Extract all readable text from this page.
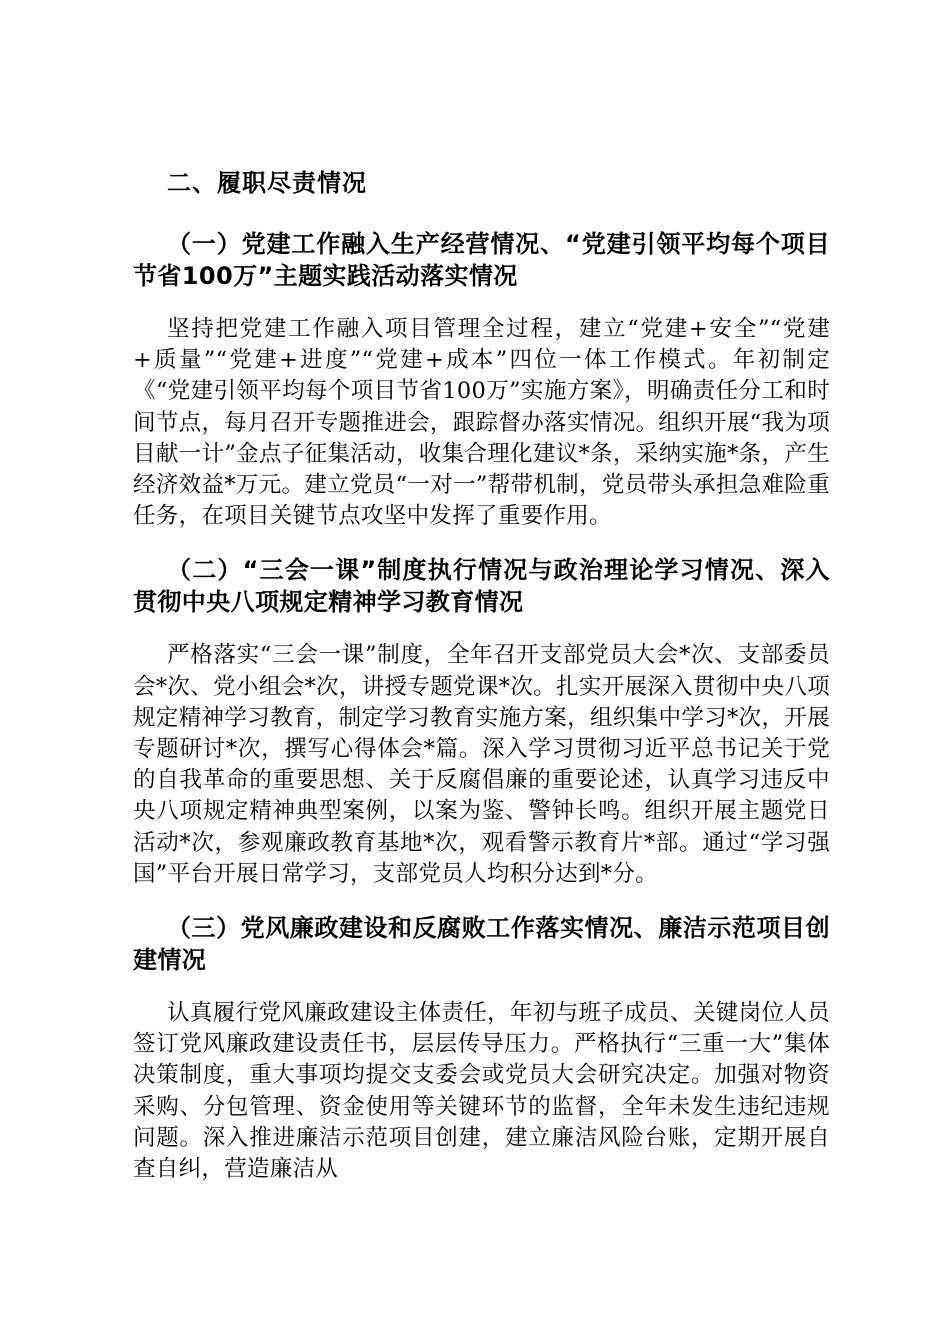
二、履职尽责情况
（一）党建工作融入生产经营情况、“党建引领平均每个项目节省100万”主题实践活动落实情况

坚持把党建工作融入项目管理全过程，建立“党建+安全”“党建+质量”“党建+进度”“党建+成本”四位一体工作模式。年初制定《“党建引领平均每个项目节省100万”实施方案》，明确责任分工和时间节点，每月召开专题推进会，跟踪督办落实情况。组织开展“我为项目献一计”金点子征集活动，收集合理化建议*条，采纳实施*条，产生经济效益*万元。建立党员“一对一”帮带机制，党员带头承担急难险重任务，在项目关键节点攻坚中发挥了重要作用。

（二）“三会一课”制度执行情况与政治理论学习情况、深入贯彻中央八项规定精神学习教育情况

严格落实“三会一课”制度，全年召开支部党员大会*次、支部委员会*次、党小组会*次，讲授专题党课*次。扎实开展深入贯彻中央八项规定精神学习教育，制定学习教育实施方案，组织集中学习*次，开展专题研讨*次，撰写心得体会*篇。深入学习贯彻习近平总书记关于党的自我革命的重要思想、关于反腐倡廉的重要论述，认真学习违反中央八项规定精神典型案例，以案为鉴、警钟长鸣。组织开展主题党日活动*次，参观廉政教育基地*次，观看警示教育片*部。通过“学习强国”平台开展日常学习，支部党员人均积分达到*分。

（三）党风廉政建设和反腐败工作落实情况、廉洁示范项目创建情况

认真履行党风廉政建设主体责任，年初与班子成员、关键岗位人员签订党风廉政建设责任书，层层传导压力。严格执行“三重一大”集体决策制度，重大事项均提交支委会或党员大会研究决定。加强对物资采购、分包管理、资金使用等关键环节的监督，全年未发生违纪违规问题。深入推进廉洁示范项目创建，建立廉洁风险台账，定期开展自查自纠，营造廉洁从
